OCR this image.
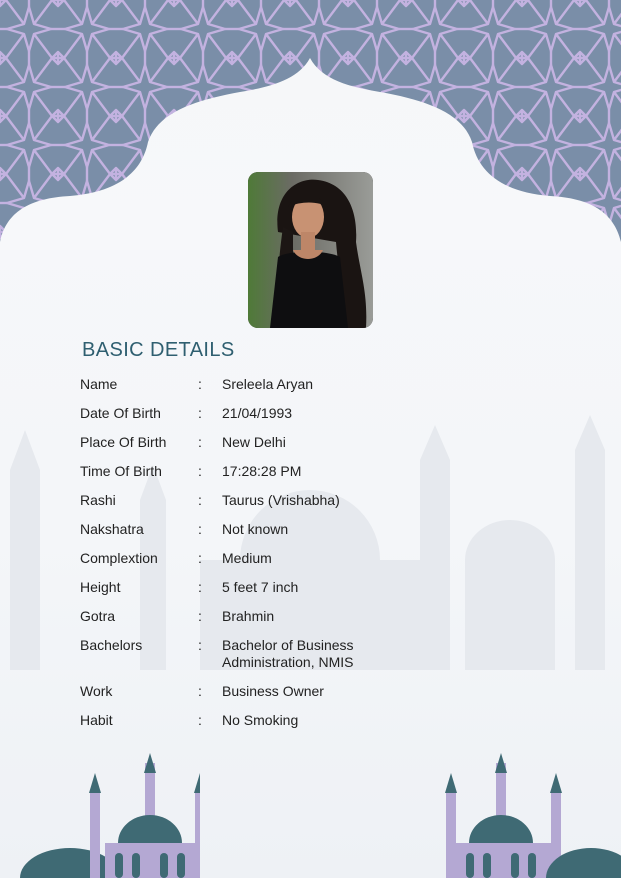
BASIC DETAILS
Name	:	Sreleela Aryan
Date Of Birth	:	21/04/1993
Place Of Birth	:	New Delhi
Time Of Birth	:	17:28:28 PM
Rashi	:	Taurus (Vrishabha)
Nakshatra	:	Not known
Complextion	:	Medium
Height	:	5 feet 7 inch
Gotra	:	Brahmin
Bachelors	:	Bachelor of Business Administration, NMIS
Work	:	Business Owner
Habit	:	No Smoking
